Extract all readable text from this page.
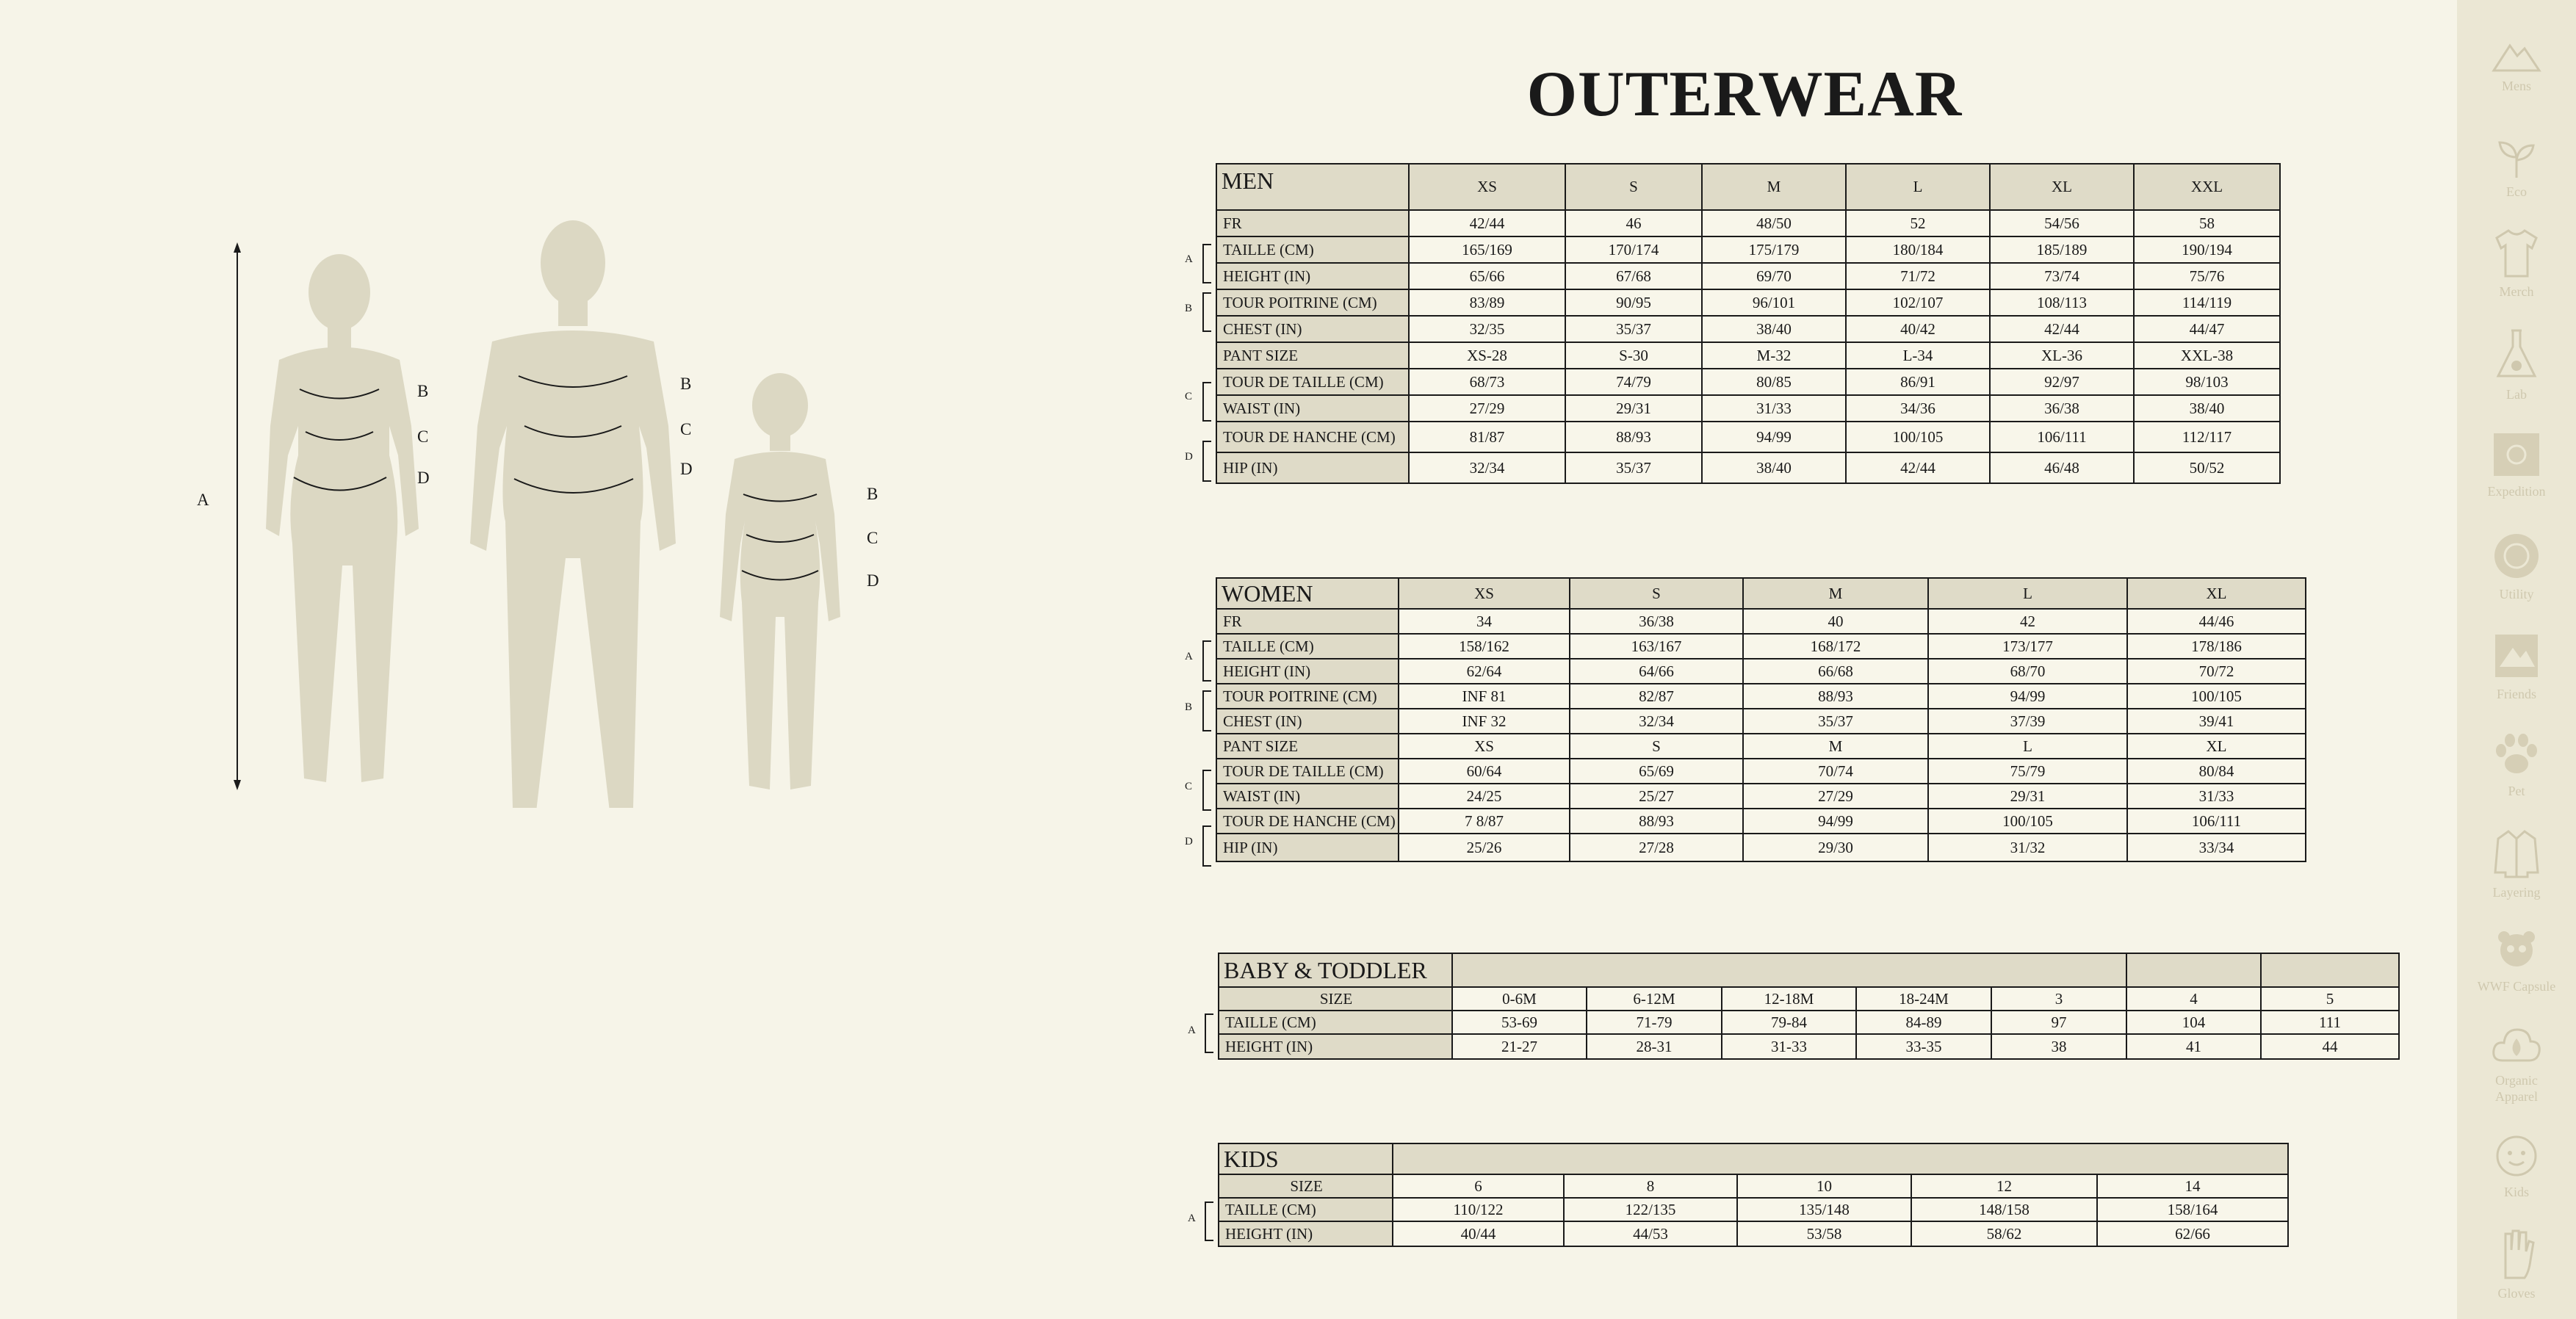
OUTERWEAR
A
B
C
D
B
C
D
B
C
D
MEN	XS	S	M	L	XL	XXL
FR	42/44	46	48/50	52	54/56	58
TAILLE (CM)	165/169	170/174	175/179	180/184	185/189	190/194
HEIGHT (IN)	65/66	67/68	69/70	71/72	73/74	75/76
TOUR POITRINE (CM)	83/89	90/95	96/101	102/107	108/113	114/119
CHEST (IN)	32/35	35/37	38/40	40/42	42/44	44/47
PANT SIZE	XS-28	S-30	M-32	L-34	XL-36	XXL-38
TOUR DE TAILLE (CM)	68/73	74/79	80/85	86/91	92/97	98/103
WAIST (IN)	27/29	29/31	31/33	34/36	36/38	38/40
TOUR DE HANCHE (CM)	81/87	88/93	94/99	100/105	106/111	112/117
HIP (IN)	32/34	35/37	38/40	42/44	46/48	50/52
A
B
C
D
WOMEN	XS	S	M	L	XL
FR	34	36/38	40	42	44/46
TAILLE (CM)	158/162	163/167	168/172	173/177	178/186
HEIGHT (IN)	62/64	64/66	66/68	68/70	70/72
TOUR POITRINE (CM)	INF 81	82/87	88/93	94/99	100/105
CHEST (IN)	INF 32	32/34	35/37	37/39	39/41
PANT SIZE	XS	S	M	L	XL
TOUR DE TAILLE (CM)	60/64	65/69	70/74	75/79	80/84
WAIST (IN)	24/25	25/27	27/29	29/31	31/33
TOUR DE HANCHE (CM)	7 8/87	88/93	94/99	100/105	106/111
HIP (IN)	25/26	27/28	29/30	31/32	33/34
A
B
C
D
BABY & TODDLER							
SIZE	0-6M	6-12M	12-18M	18-24M	3	4	5
TAILLE (CM)	53-69	71-79	79-84	84-89	97	104	111
HEIGHT (IN)	21-27	28-31	31-33	33-35	38	41	44
A
KIDS					
SIZE	6	8	10	12	14
TAILLE (CM)	110/122	122/135	135/148	148/158	158/164
HEIGHT (IN)	40/44	44/53	53/58	58/62	62/66
A
Mens
Eco
Merch
Lab
Expedition
Utility
Friends
Pet
Layering
WWF Capsule
Organic Apparel
Kids
Gloves
